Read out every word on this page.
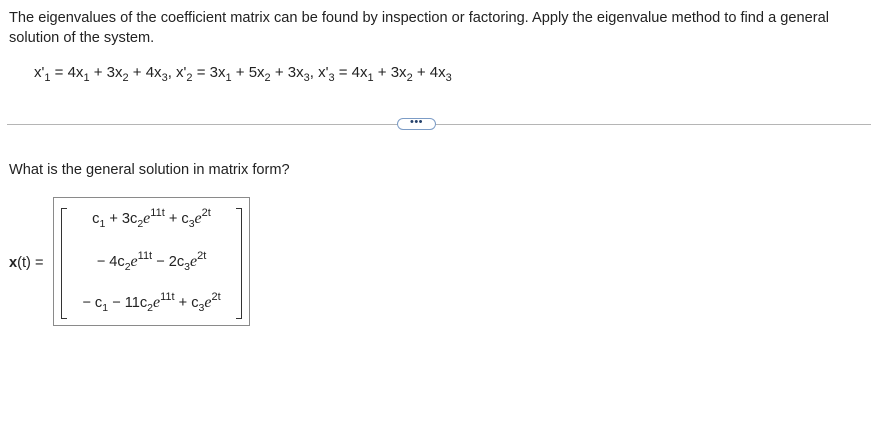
The eigenvalues of the coefficient matrix can be found by inspection or factoring. Apply the eigenvalue method to find a general solution of the system.
$x'_1 = 4x_1 + 3x_2 + 4x_3$, $x'_2 = 3x_1 + 5x_2 + 3x_3$, $x'_3 = 4x_1 + 3x_2 + 4x_3$
•••
What is the general solution in matrix form?
x(t) =
$c_1 + 3c_2e^{11t} + c_3e^{2t}$
− $4c_2e^{11t} - 2c_3e^{2t}$
− $c_1 - 11c_2e^{11t} + c_3e^{2t}$
